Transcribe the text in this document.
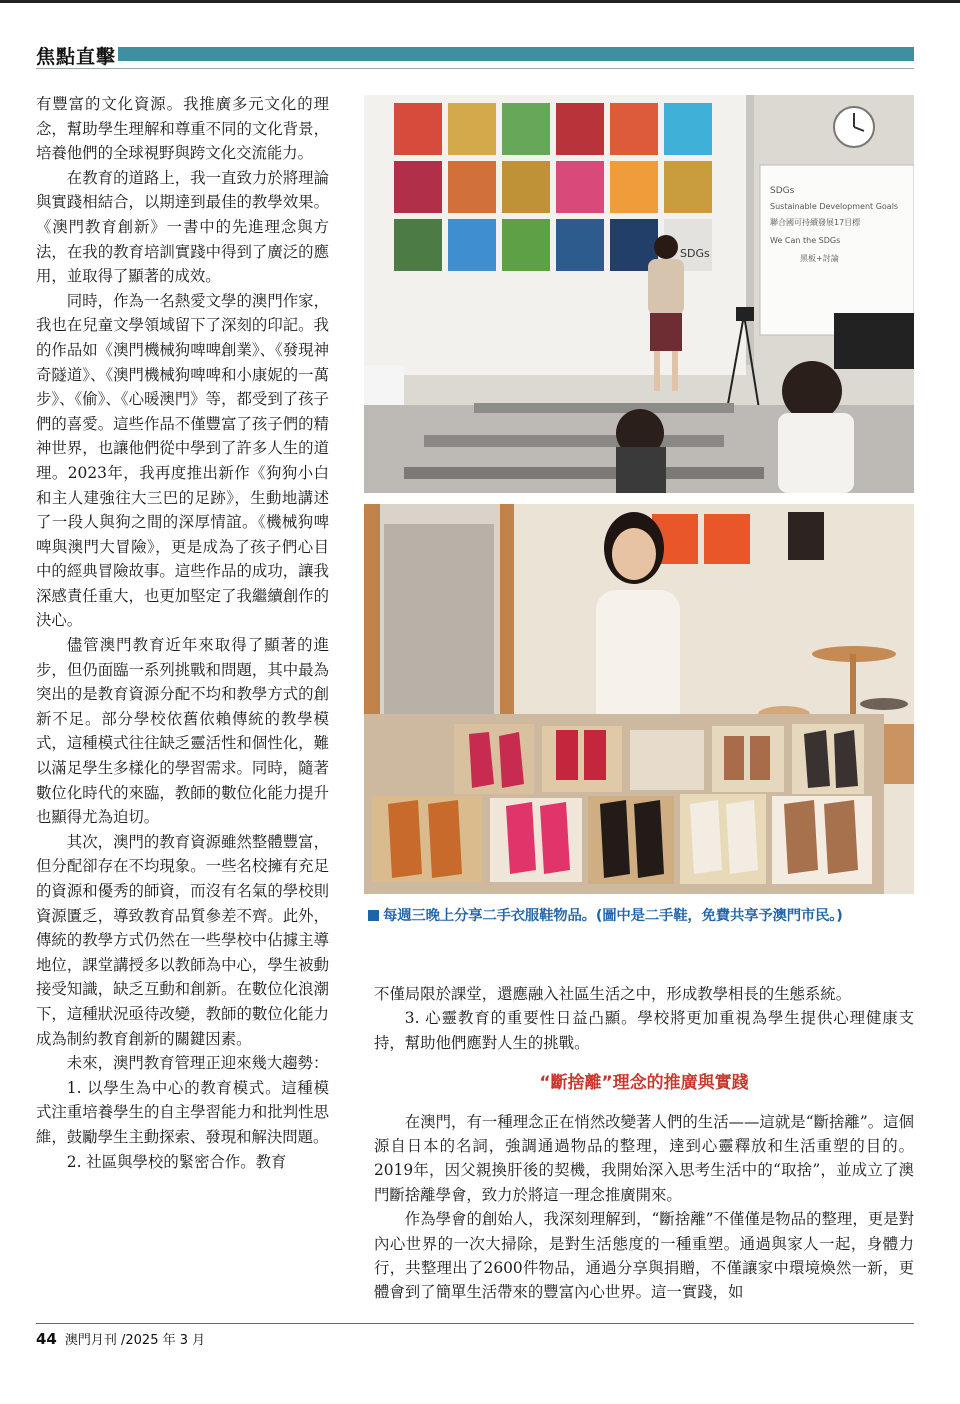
焦點直擊

有豐富的文化資源。我推廣多元文化的理念，幫助學生理解和尊重不同的文化背景，培養他們的全球視野與跨文化交流能力。

在教育的道路上，我一直致力於將理論與實踐相結合，以期達到最佳的教學效果。《澳門教育創新》一書中的先進理念與方法，在我的教育培訓實踐中得到了廣泛的應用，並取得了顯著的成效。

同時，作為一名熱愛文學的澳門作家，我也在兒童文學領域留下了深刻的印記。我的作品如《澳門機械狗啤啤創業》、《發現神奇隧道》、《澳門機械狗啤啤和小康妮的一萬步》、《偷》、《心暖澳門》等，都受到了孩子們的喜愛。這些作品不僅豐富了孩子們的精神世界，也讓他們從中學到了許多人生的道理。2023年，我再度推出新作《狗狗小白和主人建強往大三巴的足跡》，生動地講述了一段人與狗之間的深厚情誼。《機械狗啤啤與澳門大冒險》，更是成為了孩子們心目中的經典冒險故事。這些作品的成功，讓我深感責任重大，也更加堅定了我繼續創作的決心。

儘管澳門教育近年來取得了顯著的進步，但仍面臨一系列挑戰和問題，其中最為突出的是教育資源分配不均和教學方式的創新不足。部分學校依舊依賴傳統的教學模式，這種模式往往缺乏靈活性和個性化，難以滿足學生多樣化的學習需求。同時，隨著數位化時代的來臨，教師的數位化能力提升也顯得尤為迫切。

其次，澳門的教育資源雖然整體豐富，但分配卻存在不均現象。一些名校擁有充足的資源和優秀的師資，而沒有名氣的學校則資源匱乏，導致教育品質參差不齊。此外，傳統的教學方式仍然在一些學校中佔據主導地位，課堂講授多以教師為中心，學生被動接受知識，缺乏互動和創新。在數位化浪潮下，這種狀況亟待改變，教師的數位化能力成為制約教育創新的關鍵因素。

未來，澳門教育管理正迎來幾大趨勢：

1. 以學生為中心的教育模式。這種模式注重培養學生的自主學習能力和批判性思維，鼓勵學生主動探索、發現和解決問題。

2. 社區與學校的緊密合作。教育

SDGs
SDGs
Sustainable Development Goals
聯合國可持續發展17目標
We Can the SDGs
黑板+討論
每週三晚上分享二手衣服鞋物品。(圖中是二手鞋，免費共享予澳門市民。)

不僅局限於課堂，還應融入社區生活之中，形成教學相長的生態系統。

3. 心靈教育的重要性日益凸顯。學校將更加重視為學生提供心理健康支持，幫助他們應對人生的挑戰。

“斷捨離”理念的推廣與實踐

在澳門，有一種理念正在悄然改變著人們的生活——這就是“斷捨離”。這個源自日本的名詞，強調通過物品的整理，達到心靈釋放和生活重塑的目的。2019年，因父親換肝後的契機，我開始深入思考生活中的“取捨”，並成立了澳門斷捨離學會，致力於將這一理念推廣開來。

作為學會的創始人，我深刻理解到，“斷捨離”不僅僅是物品的整理，更是對內心世界的一次大掃除，是對生活態度的一種重塑。通過與家人一起，身體力行，共整理出了2600件物品，通過分享與捐贈，不僅讓家中環境煥然一新，更體會到了簡單生活帶來的豐富內心世界。這一實踐，如

44 澳門月刊 /2025 年 3 月
